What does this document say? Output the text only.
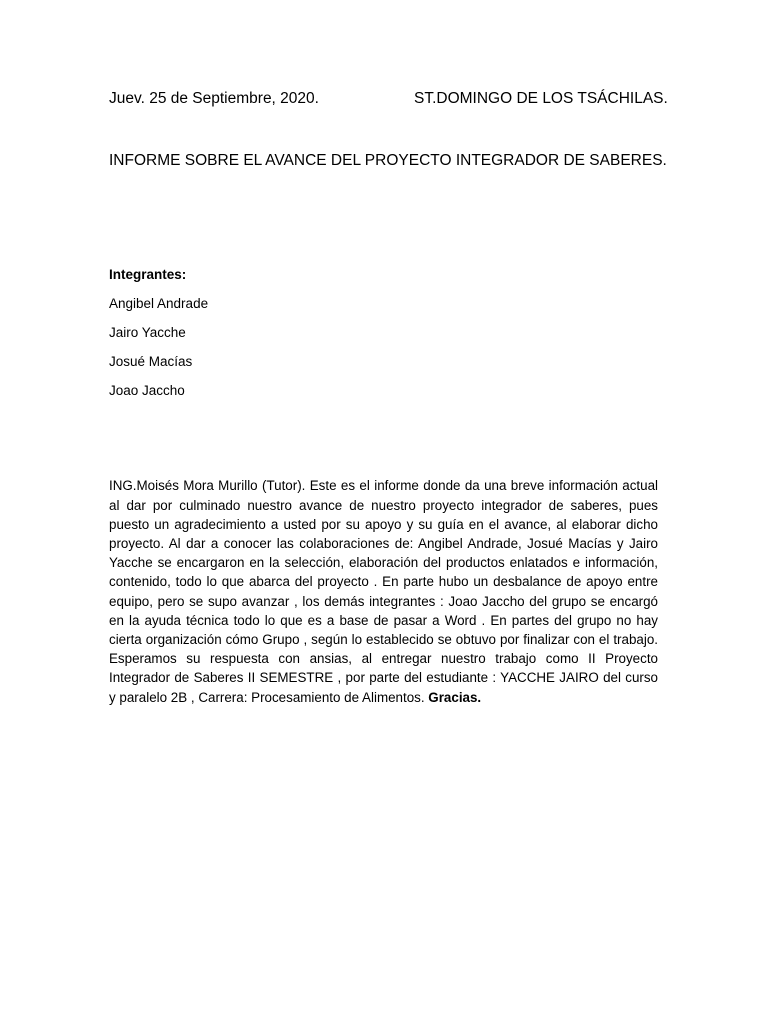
Juev. 25 de Septiembre, 2020.	ST.DOMINGO DE LOS TSÁCHILAS.
INFORME SOBRE EL AVANCE DEL PROYECTO INTEGRADOR DE SABERES.
Integrantes:
Angibel Andrade
Jairo Yacche
Josué Macías
Joao Jaccho

ING.Moisés Mora Murillo (Tutor). Este es el informe donde da una breve información actual al dar por culminado nuestro avance de nuestro proyecto integrador de saberes, pues puesto un agradecimiento a usted por su apoyo y su guía en el avance, al elaborar dicho proyecto. Al dar a conocer las colaboraciones de: Angibel Andrade, Josué Macías y Jairo Yacche se encargaron en la selección, elaboración del productos enlatados e información, contenido, todo lo que abarca del proyecto . En parte hubo un desbalance de apoyo entre equipo, pero se supo avanzar , los demás integrantes : Joao Jaccho del grupo se encargó en la ayuda técnica todo lo que es a base de pasar a Word . En partes del grupo no hay cierta organización cómo Grupo , según lo establecido se obtuvo por finalizar con el trabajo. Esperamos su respuesta con ansias, al entregar nuestro trabajo como II Proyecto Integrador de Saberes II SEMESTRE , por parte del estudiante : YACCHE JAIRO del curso y paralelo 2B , Carrera: Procesamiento de Alimentos. Gracias.
